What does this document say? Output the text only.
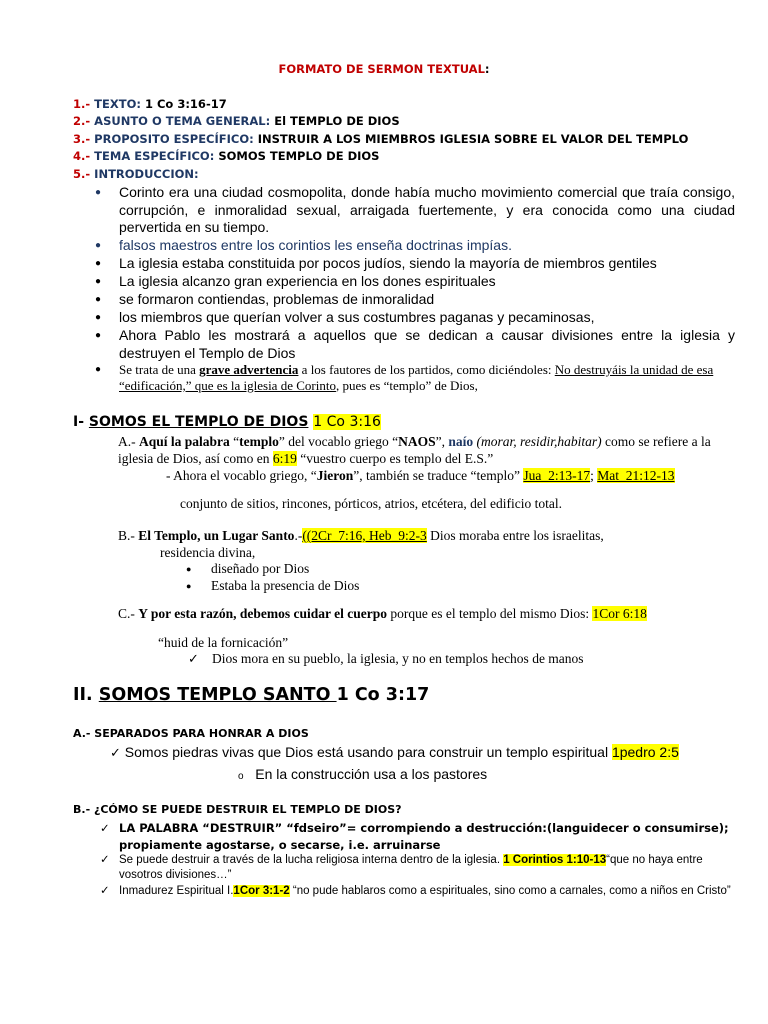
FORMATO DE SERMON TEXTUAL:
1.- TEXTO: 1 Co 3:16-17
2.- ASUNTO O TEMA GENERAL: El TEMPLO DE DIOS
3.- PROPOSITO ESPECÍFICO: INSTRUIR A LOS MIEMBROS IGLESIA SOBRE EL VALOR DEL TEMPLO
4.- TEMA ESPECÍFICO: SOMOS TEMPLO DE DIOS
5.- INTRODUCCION:
● Corinto era una ciudad cosmopolita, donde había mucho movimiento comercial que traía consigo, corrupción, e inmoralidad sexual, arraigada fuertemente, y era conocida como una ciudad pervertida en su tiempo.
● falsos maestros entre los corintios les enseña doctrinas impías.
● La iglesia estaba constituida por pocos judíos, siendo la mayoría de miembros gentiles
● La iglesia alcanzo gran experiencia en los dones espirituales
● se formaron contiendas, problemas de inmoralidad
● los miembros que querían volver a sus costumbres paganas y pecaminosas,
● Ahora Pablo les mostrará a aquellos que se dedican a causar divisiones entre la iglesia y destruyen el Templo de Dios
● Se trata de una grave advertencia a los fautores de los partidos, como diciéndoles: No destruyáis la unidad de esa “edificación,” que es la iglesia de Corinto, pues es “templo” de Dios,
I- SOMOS EL TEMPLO DE DIOS 1 Co 3:16
A.- Aquí la palabra “templo” del vocablo griego “NAOS”, naío (morar, residir,habitar) como se refiere a la iglesia de Dios, así como en 6:19 “vuestro cuerpo es templo del E.S.”
- Ahora el vocablo griego, “Jieron”, también se traduce “templo” Jua_2:13-17; Mat_21:12-13
conjunto de sitios, rincones, pórticos, atrios, etcétera, del edificio total.
B.- El Templo, un Lugar Santo.-((2Cr_7:16, Heb_9:2-3 Dios moraba entre los israelitas,
residencia divina,
● diseñado por Dios
● Estaba la presencia de Dios
C.- Y por esta razón, debemos cuidar el cuerpo porque es el templo del mismo Dios: 1Cor 6:18
“huid de la fornicación”
✓ Dios mora en su pueblo, la iglesia, y no en templos hechos de manos
II. SOMOS TEMPLO SANTO 1 Co 3:17
A.- SEPARADOS PARA HONRAR A DIOS
✓ Somos piedras vivas que Dios está usando para construir un templo espiritual 1pedro 2:5
o En la construcción usa a los pastores
B.- ¿CÓMO SE PUEDE DESTRUIR EL TEMPLO DE DIOS?
✓ LA PALABRA “DESTRUIR” “fdseiro”= corrompiendo a destrucción:(languidecer o consumirse); propiamente agostarse, o secarse, i.e. arruinarse
✓ Se puede destruir a través de la lucha religiosa interna dentro de la iglesia. 1 Corintios 1:10-13“que no haya entre vosotros divisiones…”
✓ Inmadurez Espiritual I.1Cor 3:1-2 “no pude hablaros como a espirituales, sino como a carnales, como a niños en Cristo”
